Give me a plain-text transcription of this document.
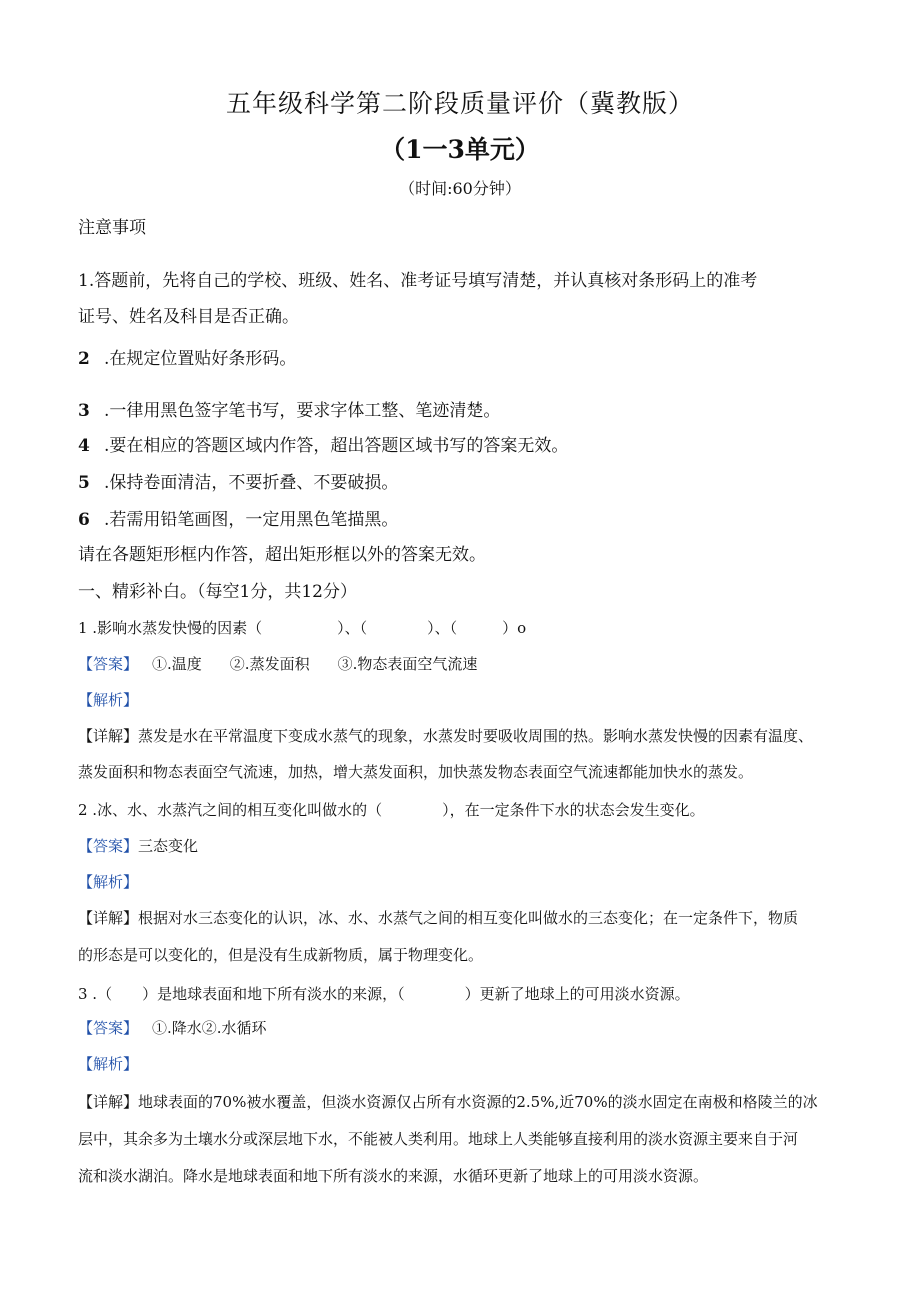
五年级科学第二阶段质量评价（冀教版）
（1一3单元）
（时间:60分钟）
注意事项
1.答题前，先将自己的学校、班级、姓名、准考证号填写清楚，并认真核对条形码上的准考
证号、姓名及科目是否正确。
2 .在规定位置贴好条形码。
3 .一律用黑色签字笔书写，要求字体工整、笔迹清楚。
4 .要在相应的答题区域内作答，超出答题区域书写的答案无效。
5 .保持卷面清洁，不要折叠、不要破损。
6 .若需用铅笔画图，一定用黑色笔描黑。
请在各题矩形框内作答，超出矩形框以外的答案无效。
一、精彩补白。（每空1分，共12分）
1 .影响水蒸发快慢的因素（　　　　　）、（　　　　）、（　　　）o
【答案】 ①.温度 ②.蒸发面积 ③.物态表面空气流速
【解析】
【详解】蒸发是水在平常温度下变成水蒸气的现象，水蒸发时要吸收周围的热。影响水蒸发快慢的因素有温度、
蒸发面积和物态表面空气流速，加热，增大蒸发面积，加快蒸发物态表面空气流速都能加快水的蒸发。
2 .冰、水、水蒸汽之间的相互变化叫做水的（　　　　），在一定条件下水的状态会发生变化。
【答案】三态变化
【解析】
【详解】根据对水三态变化的认识，冰、水、水蒸气之间的相互变化叫做水的三态变化；在一定条件下，物质
的形态是可以变化的，但是没有生成新物质，属于物理变化。
3 .（　　）是地球表面和地下所有淡水的来源，（　　　　）更新了地球上的可用淡水资源。
【答案】 ①.降水②.水循环
【解析】
【详解】地球表面的70%被水覆盖，但淡水资源仅占所有水资源的2.5%,近70%的淡水固定在南极和格陵兰的冰
层中，其余多为土壤水分或深层地下水，不能被人类利用。地球上人类能够直接利用的淡水资源主要来自于河
流和淡水湖泊。降水是地球表面和地下所有淡水的来源，水循环更新了地球上的可用淡水资源。
